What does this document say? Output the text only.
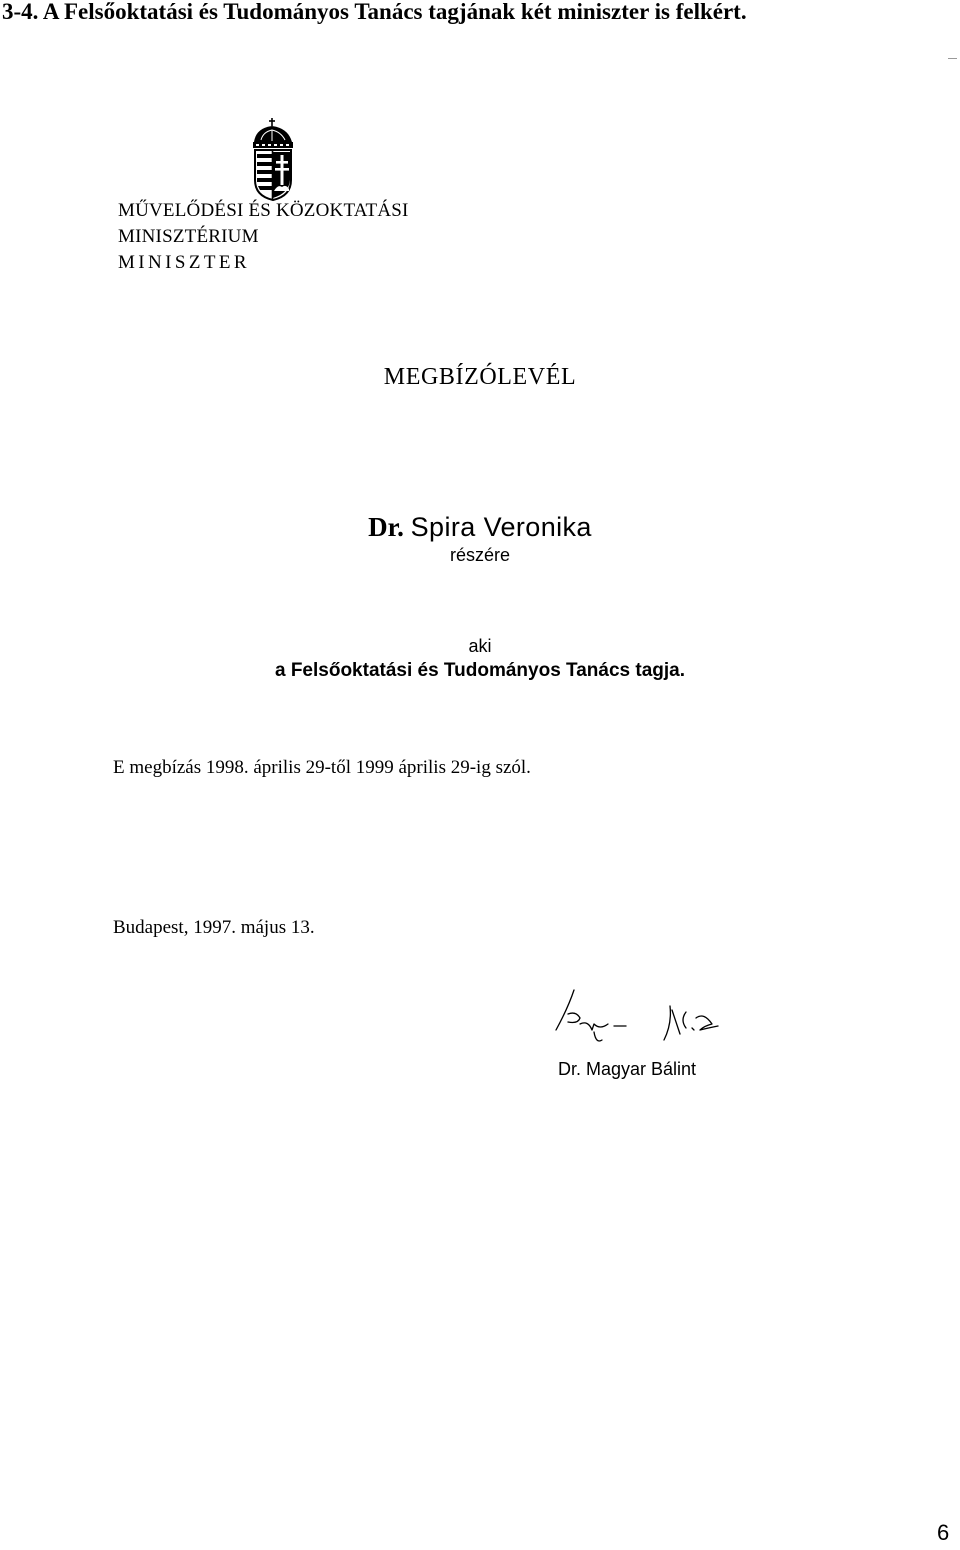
3-4. A Felsőoktatási és Tudományos Tanács tagjának két miniszter is felkért.
MŰVELŐDÉSI ÉS KÖZOKTATÁSI
MINISZTÉRIUM
MINISZTER
MEGBÍZÓLEVÉL
Dr. Spira Veronika
részére
aki
a Felsőoktatási és Tudományos Tanács tagja.
E megbízás 1998. április 29-től 1999 április 29-ig szól.
Budapest, 1997. május 13.
Dr. Magyar Bálint
6
